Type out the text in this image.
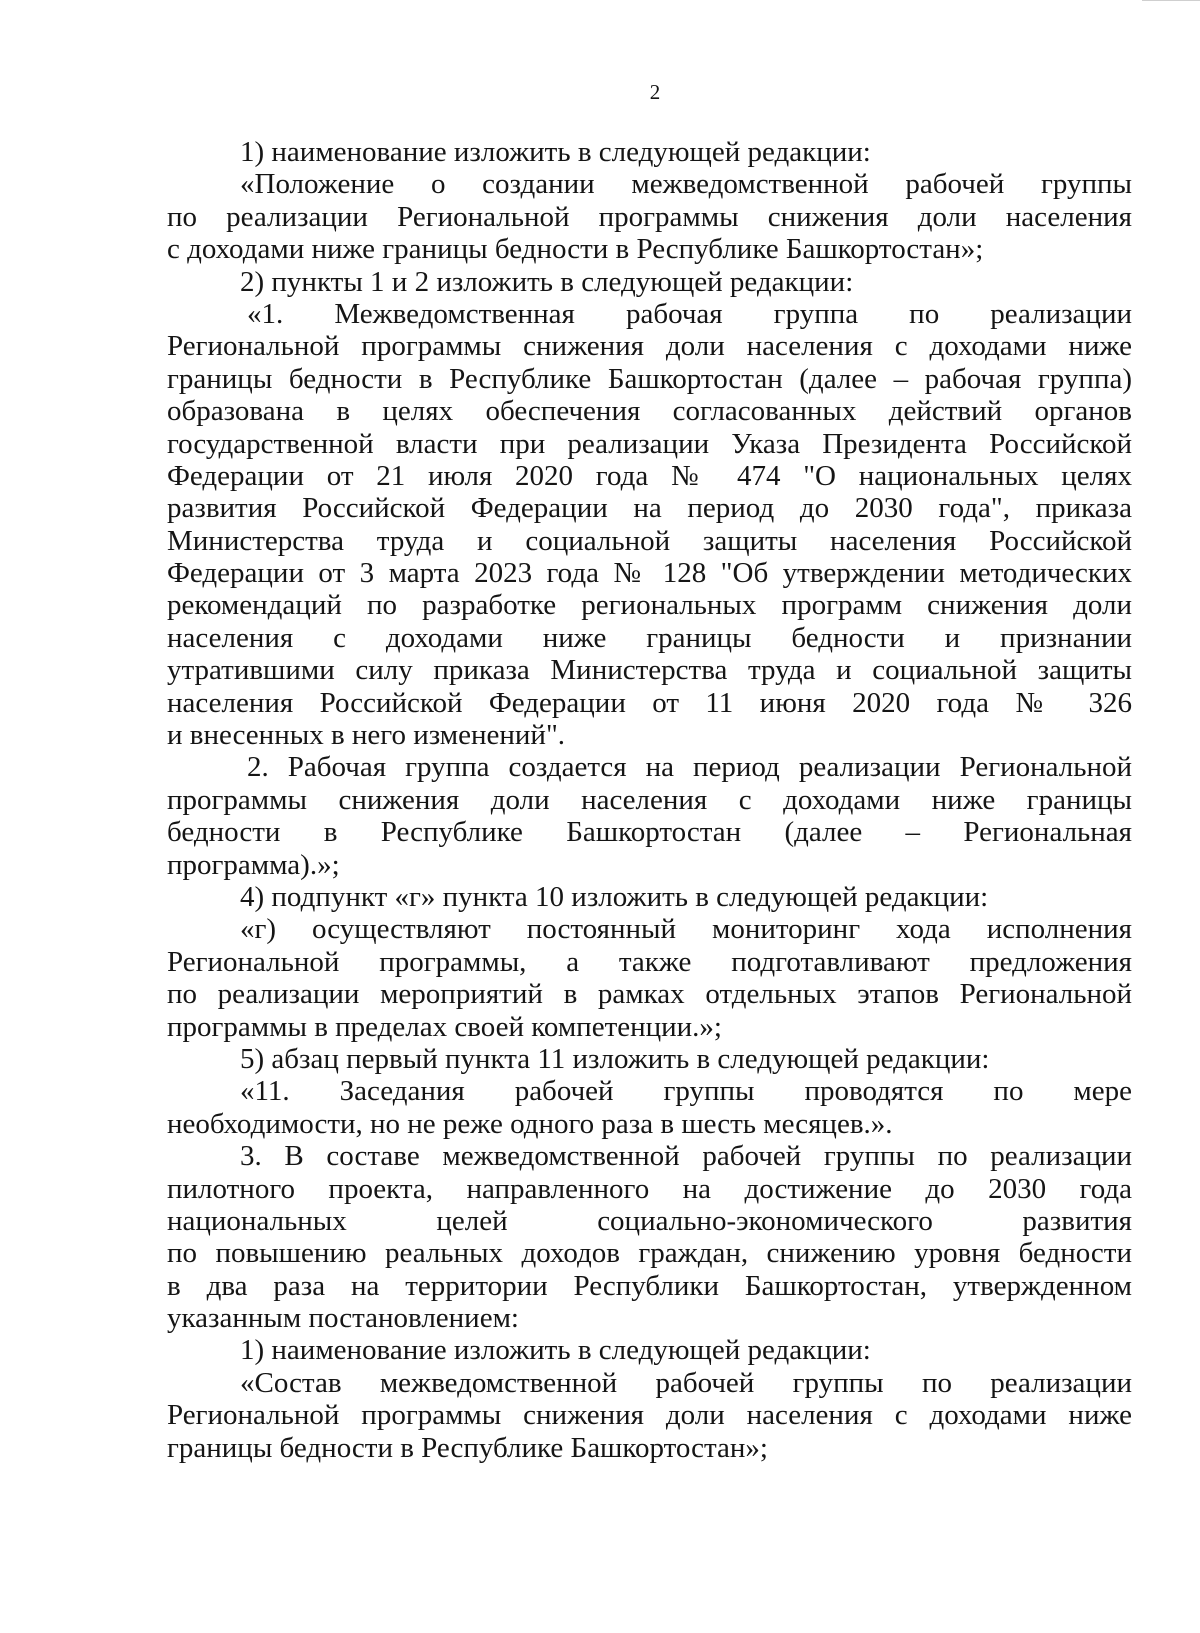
2
1) наименование изложить в следующей редакции:
«Положение о создании межведомственной рабочей группы
по реализации Региональной программы снижения доли населения
с доходами ниже границы бедности в Республике Башкортостан»;
2) пункты 1 и 2 изложить в следующей редакции:
«1. Межведомственная рабочая группа по реализации
Региональной программы снижения доли населения с доходами ниже
границы бедности в Республике Башкортостан (далее – рабочая группа)
образована в целях обеспечения согласованных действий органов
государственной власти при реализации Указа Президента Российской
Федерации от 21 июля 2020 года № 474 "О национальных целях
развития Российской Федерации на период до 2030 года", приказа
Министерства труда и социальной защиты населения Российской
Федерации от 3 марта 2023 года № 128 "Об утверждении методических
рекомендаций по разработке региональных программ снижения доли
населения с доходами ниже границы бедности и признании
утратившими силу приказа Министерства труда и социальной защиты
населения Российской Федерации от 11 июня 2020 года № 326
и внесенных в него изменений".
2. Рабочая группа создается на период реализации Региональной
программы снижения доли населения с доходами ниже границы
бедности в Республике Башкортостан (далее – Региональная
программа).»;
4) подпункт «г» пункта 10 изложить в следующей редакции:
«г) осуществляют постоянный мониторинг хода исполнения
Региональной программы, а также подготавливают предложения
по реализации мероприятий в рамках отдельных этапов Региональной
программы в пределах своей компетенции.»;
5) абзац первый пункта 11 изложить в следующей редакции:
«11. Заседания рабочей группы проводятся по мере
необходимости, но не реже одного раза в шесть месяцев.».
3. В составе межведомственной рабочей группы по реализации
пилотного проекта, направленного на достижение до 2030 года
национальных целей социально-экономического развития
по повышению реальных доходов граждан, снижению уровня бедности
в два раза на территории Республики Башкортостан, утвержденном
указанным постановлением:
1) наименование изложить в следующей редакции:
«Состав межведомственной рабочей группы по реализации
Региональной программы снижения доли населения с доходами ниже
границы бедности в Республике Башкортостан»;
